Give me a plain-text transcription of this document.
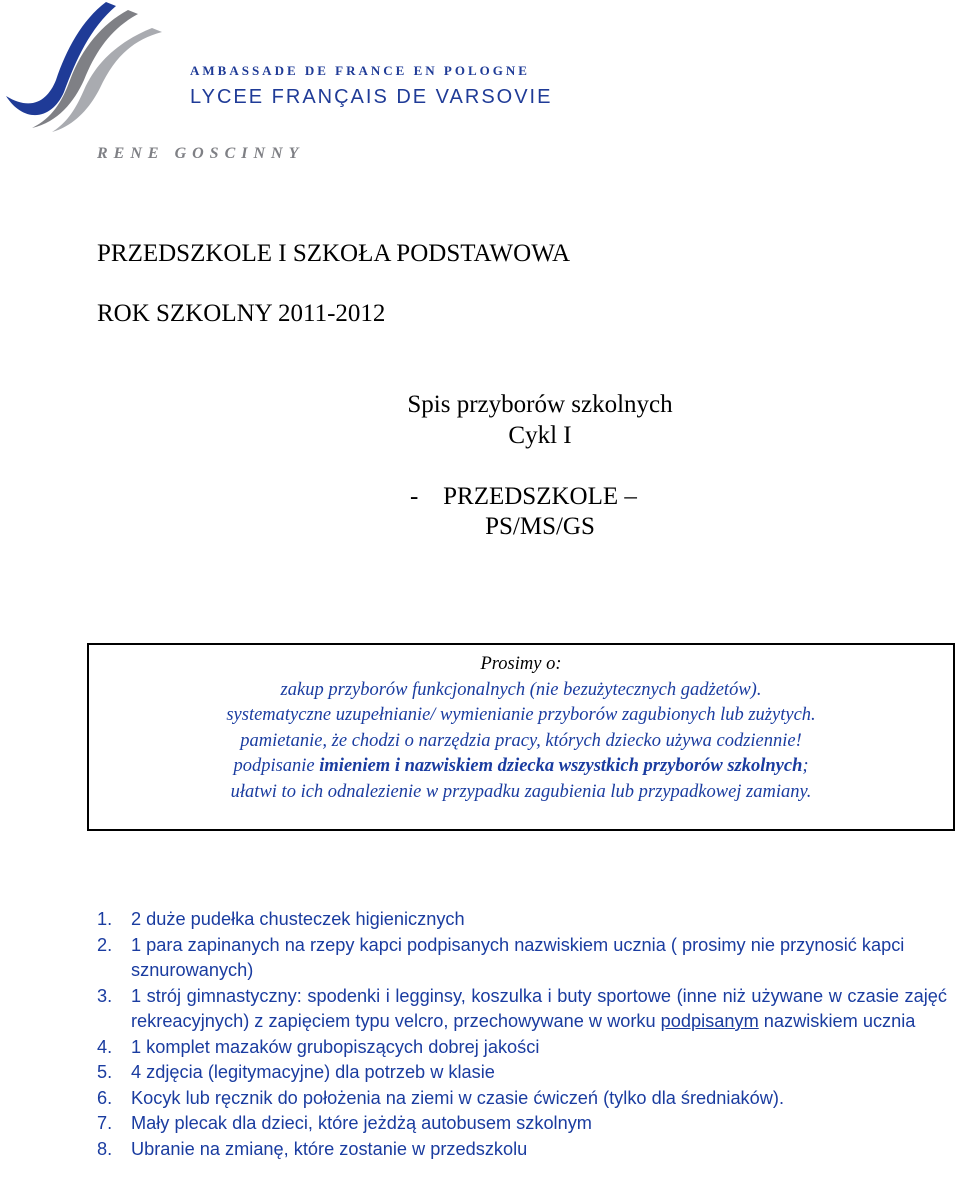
AMBASSADE DE FRANCE EN POLOGNE
LYCEE FRANÇAIS DE VARSOVIE
RENE GOSCINNY
PRZEDSZKOLE I SZKOŁA PODSTAWOWA
ROK SZKOLNY 2011-2012
Spis przyborów szkolnych
Cykl I
- PRZEDSZKOLE –
PS/MS/GS

Prosimy o:

zakup przyborów funkcjonalnych (nie bezużytecznych gadżetów).

systematyczne uzupełnianie/ wymienianie przyborów zagubionych lub zużytych.

pamietanie, że chodzi o narzędzia pracy, których dziecko używa codziennie!

podpisanie imieniem i nazwiskiem dziecka wszystkich przyborów szkolnych;

ułatwi to ich odnalezienie w przypadku zagubienia lub przypadkowej zamiany.

1.	2 duże pudełka chusteczek higienicznych
2.	1 para zapinanych na rzepy kapci podpisanych nazwiskiem ucznia ( prosimy nie przynosić kapci sznurowanych)
3.	1 strój gimnastyczny: spodenki i legginsy, koszulka i buty sportowe (inne niż używane w czasie zajęć rekreacyjnych) z zapięciem typu velcro, przechowywane w worku podpisanym nazwiskiem ucznia
4.	1 komplet mazaków grubopiszących dobrej jakości
5.	4 zdjęcia (legitymacyjne) dla potrzeb w klasie
6.	Kocyk lub ręcznik do położenia na ziemi w czasie ćwiczeń (tylko dla średniaków).
7.	Mały plecak dla dzieci, które jeżdżą autobusem szkolnym
8.	Ubranie na zmianę, które zostanie w przedszkolu
